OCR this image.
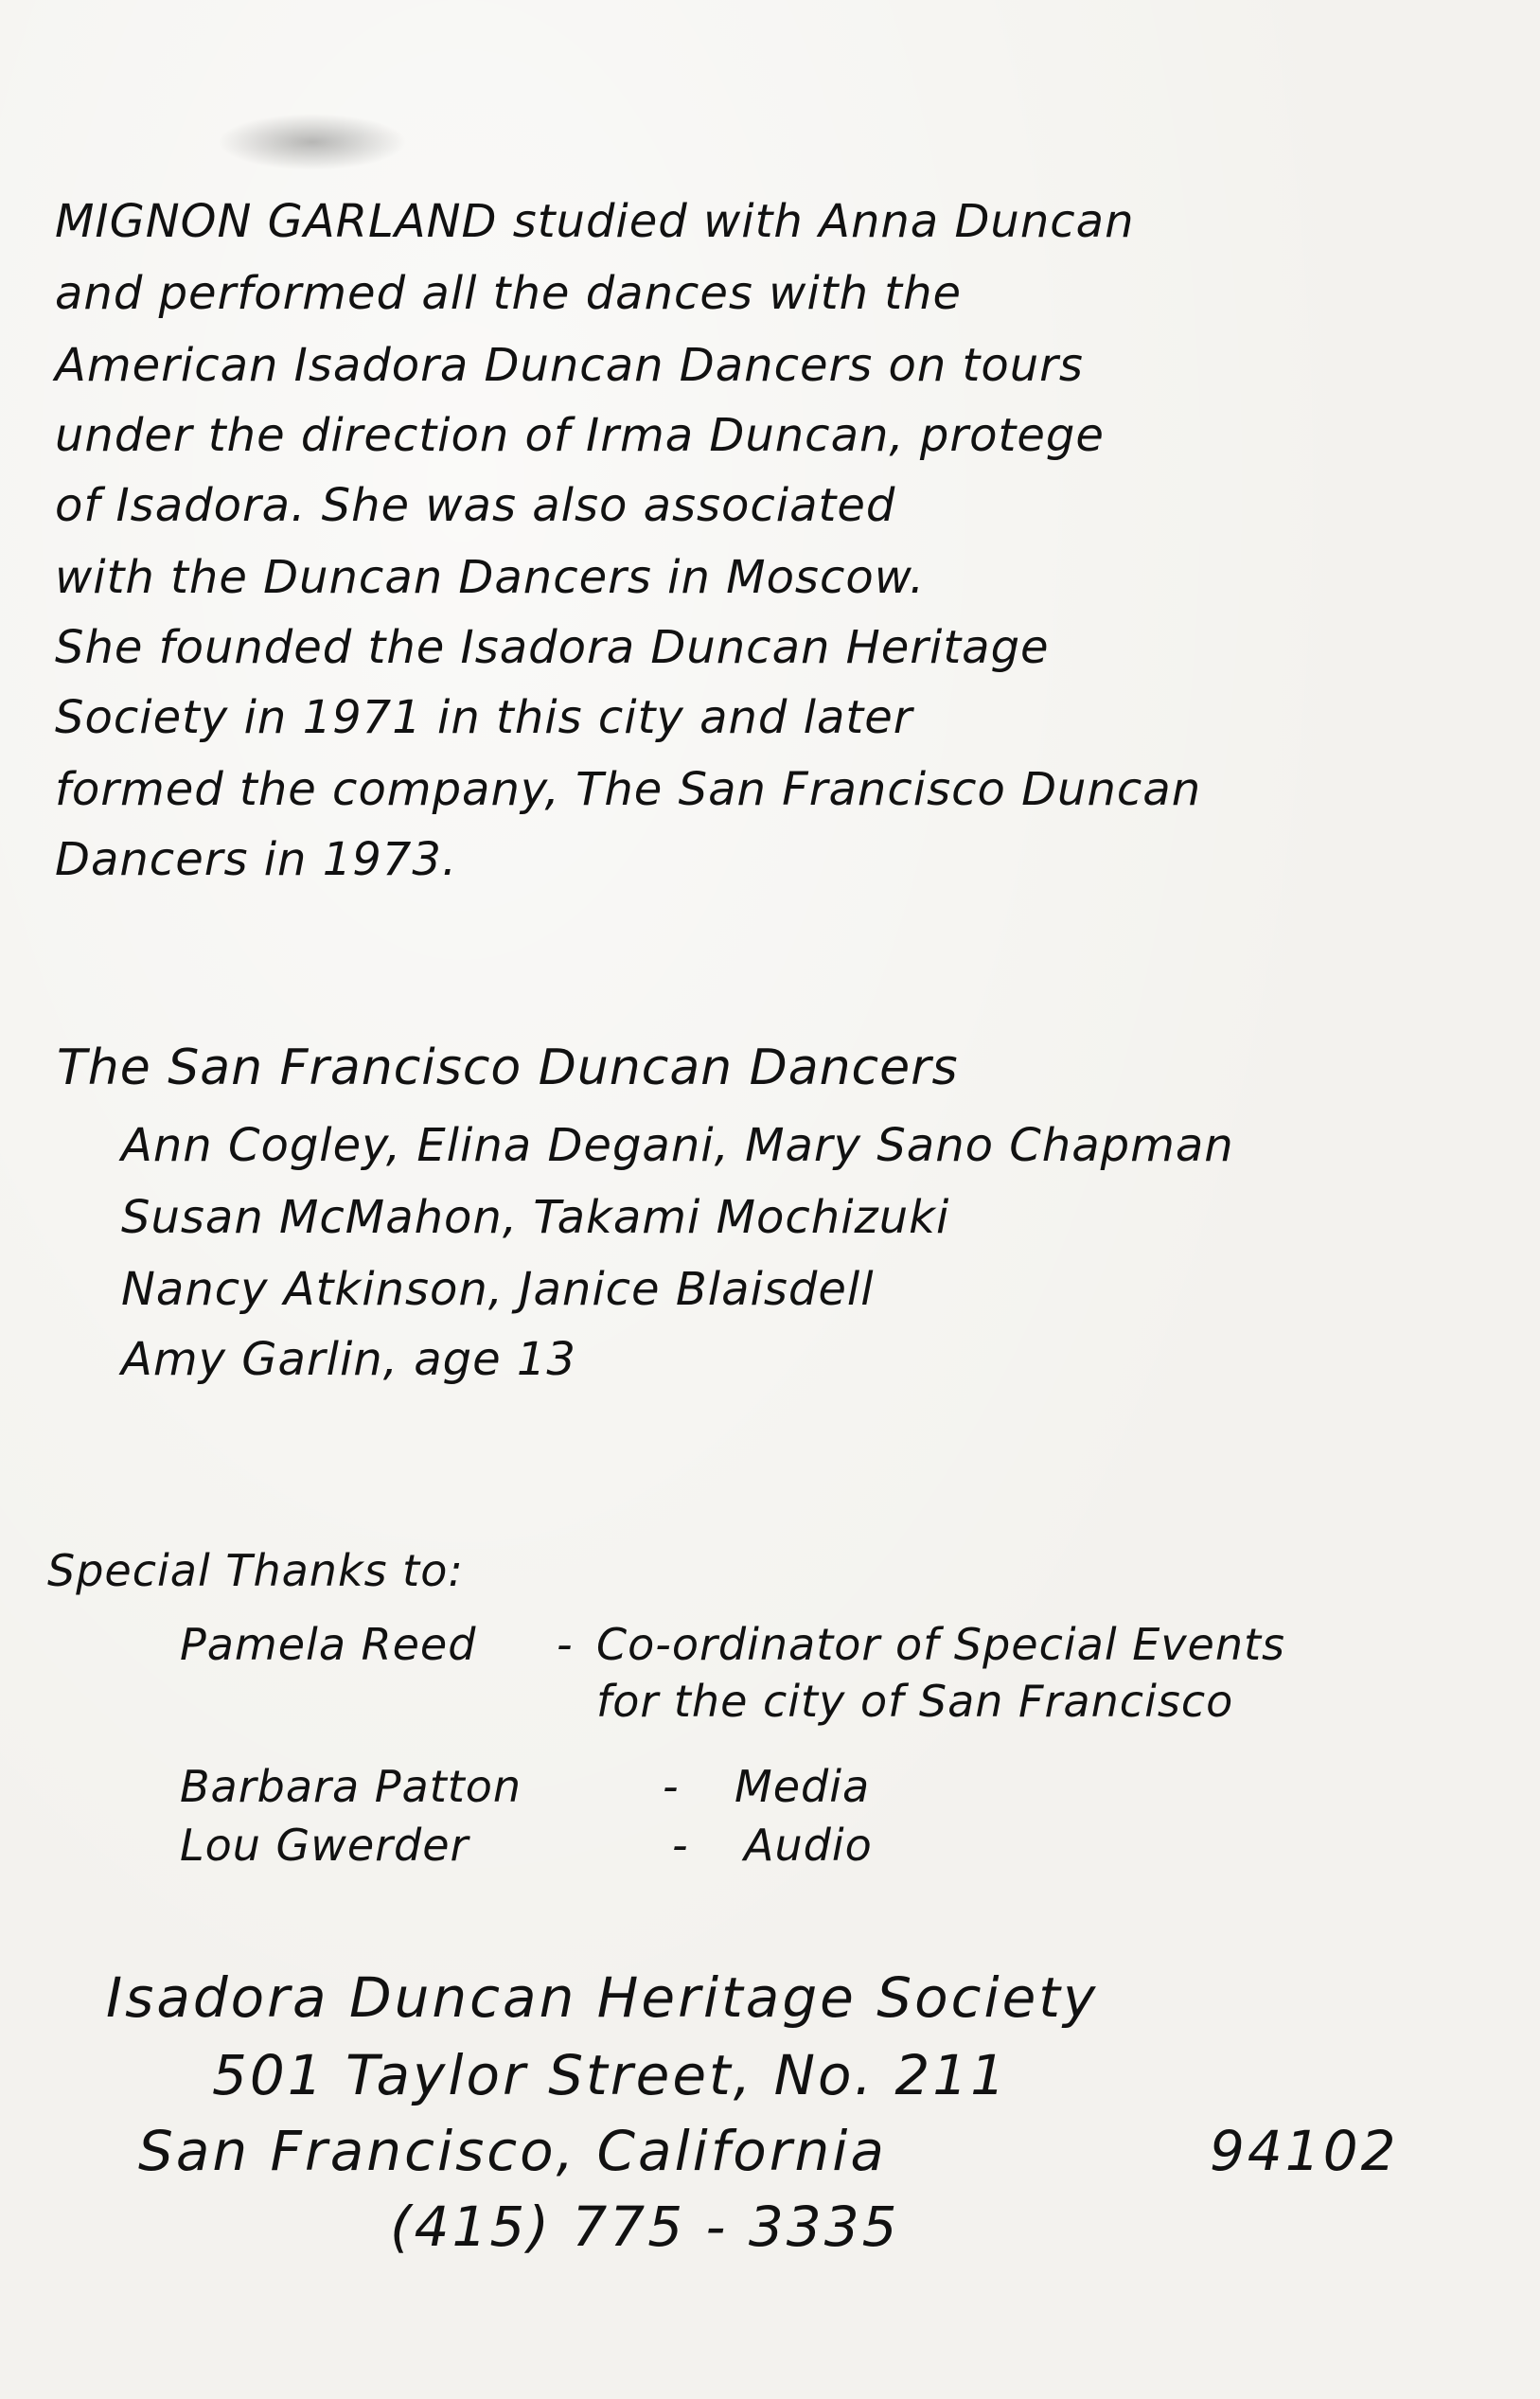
MIGNON GARLAND studied with Anna Duncan
and performed all the dances with the
American Isadora Duncan Dancers on tours
under the direction of Irma Duncan, protege
of Isadora. She was also associated
with the Duncan Dancers in Moscow.
She founded the Isadora Duncan Heritage
Society in 1971 in this city and later
formed the company, The San Francisco Duncan
Dancers in 1973.
The San Francisco Duncan Dancers
Ann Cogley, Elina Degani, Mary Sano Chapman
Susan McMahon, Takami Mochizuki
Nancy Atkinson, Janice Blaisdell
Amy Garlin, age 13
Special Thanks to:
Pamela Reed - Co-ordinator of Special Events
for the city of San Francisco
Barbara Patton	- Media
Lou Gwerder	- Audio
Isadora Duncan Heritage Society
501 Taylor Street, No. 211
San Francisco, California	94102
(415) 775 - 3335
